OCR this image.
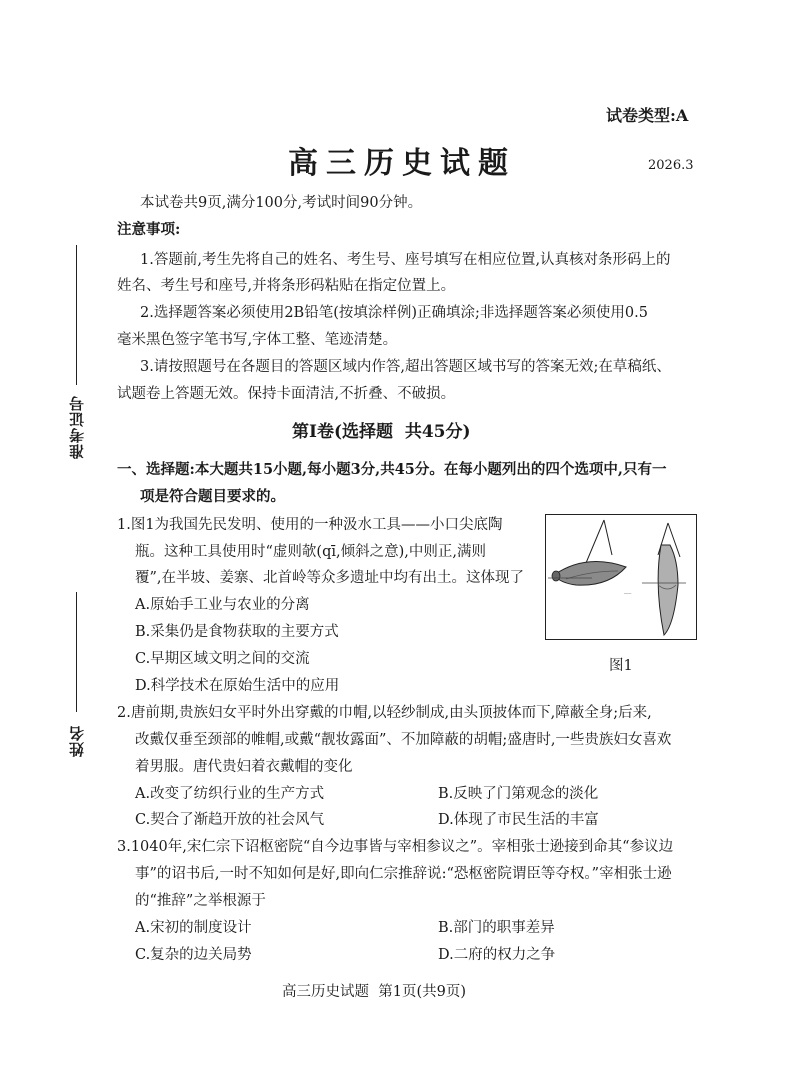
试卷类型:A
高三历史试题	2026.3
本试卷共9页,满分100分,考试时间90分钟。
注意事项:
1.答题前,考生先将自己的姓名、考生号、座号填写在相应位置,认真核对条形码上的
姓名、考生号和座号,并将条形码粘贴在指定位置上。
2.选择题答案必须使用2B铅笔(按填涂样例)正确填涂;非选择题答案必须使用0.5
毫米黑色签字笔书写,字体工整、笔迹清楚。
3.请按照题号在各题目的答题区域内作答,超出答题区域书写的答案无效;在草稿纸、
试题卷上答题无效。保持卡面清洁,不折叠、不破损。
第Ⅰ卷(选择题  共45分)
一、选择题:本大题共15小题,每小题3分,共45分。在每小题列出的四个选项中,只有一
项是符合题目要求的。
准考证号
姓名
1.图1为我国先民发明、使用的一种汲水工具——小口尖底陶
瓶。这种工具使用时“虚则欹(qī,倾斜之意),中则正,满则
覆”,在半坡、姜寨、北首岭等众多遗址中均有出土。这体现了
A.原始手工业与农业的分离
B.采集仍是食物获取的主要方式
C.早期区域文明之间的交流
D.科学技术在原始生活中的应用
───
图1
2.唐前期,贵族妇女平时外出穿戴的巾帽,以轻纱制成,由头顶披体而下,障蔽全身;后来,
改戴仅垂至颈部的帷帽,或戴“靓妆露面”、不加障蔽的胡帽;盛唐时,一些贵族妇女喜欢
着男服。唐代贵妇着衣戴帽的变化
A.改变了纺织行业的生产方式	B.反映了门第观念的淡化
C.契合了渐趋开放的社会风气	D.体现了市民生活的丰富
3.1040年,宋仁宗下诏枢密院“自今边事皆与宰相参议之”。宰相张士逊接到命其“参议边
事”的诏书后,一时不知如何是好,即向仁宗推辞说:“恐枢密院谓臣等夺权。”宰相张士逊
的“推辞”之举根源于
A.宋初的制度设计	B.部门的职事差异
C.复杂的边关局势	D.二府的权力之争
高三历史试题  第1页(共9页)
